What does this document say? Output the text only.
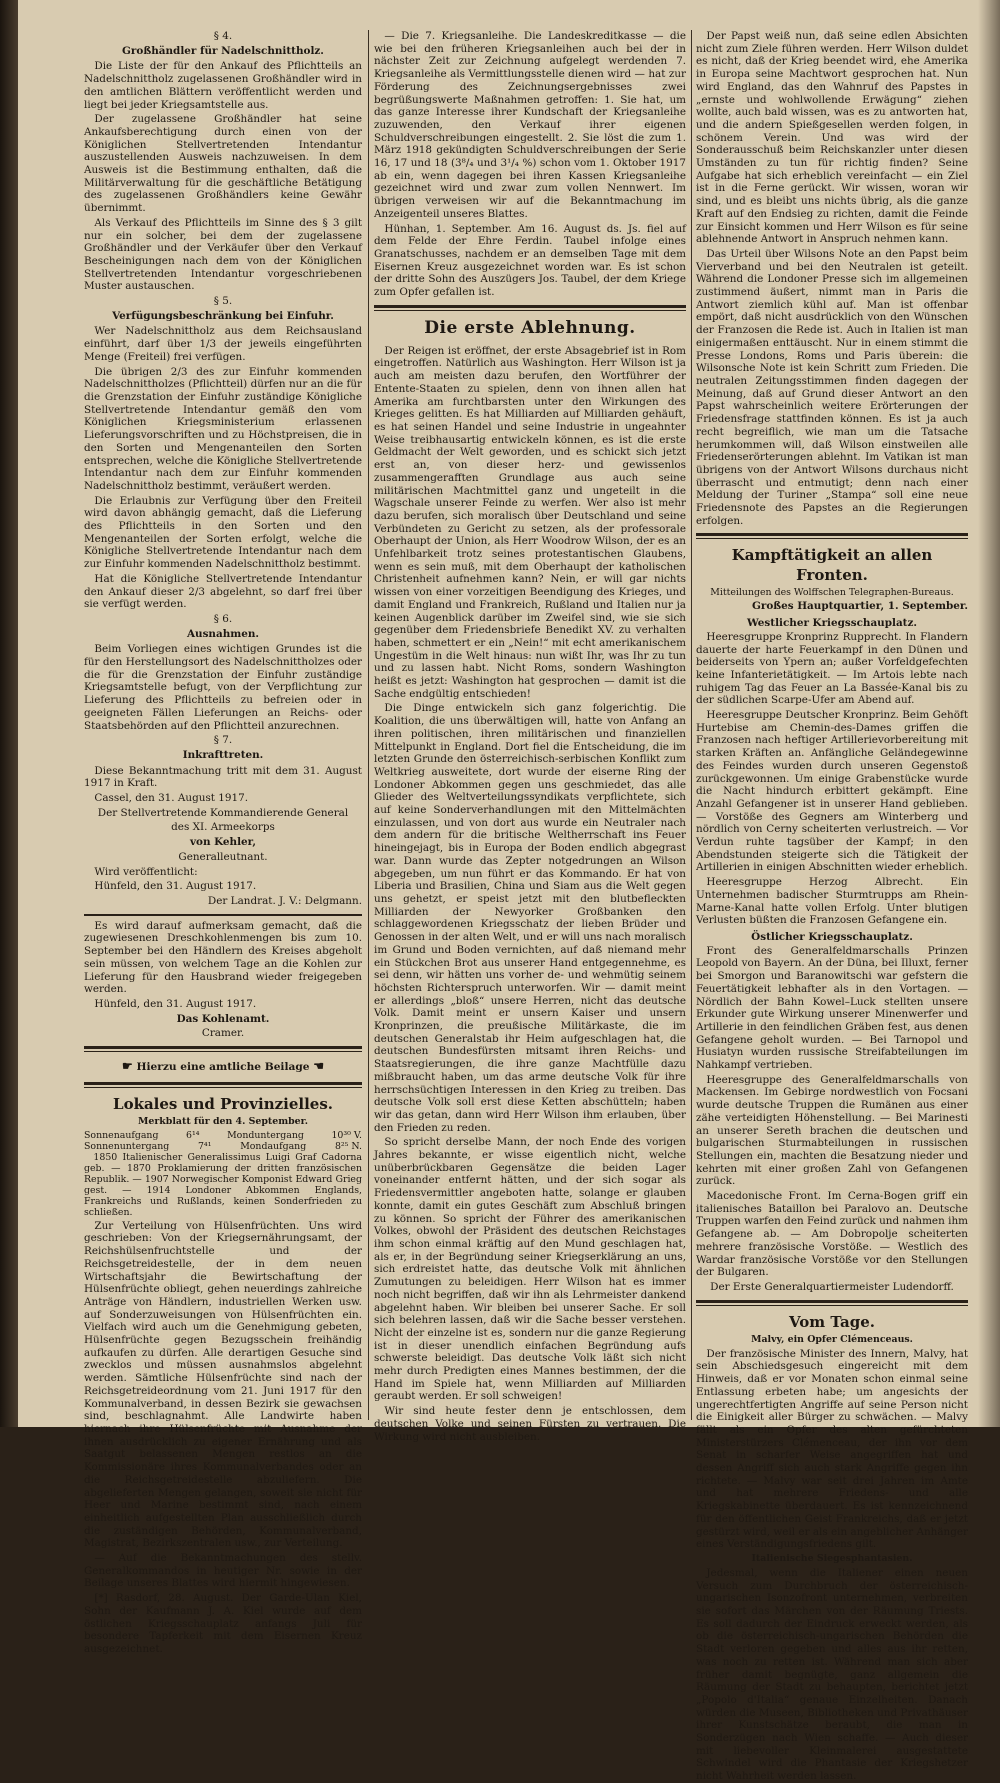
§ 4.

Großhändler für Nadelschnittholz.

Die Liste der für den Ankauf des Pflichtteils an Nadelschnittholz zugelassenen Großhändler wird in den amtlichen Blättern veröffentlicht werden und liegt bei jeder Kriegsamtstelle aus.

Der zugelassene Großhändler hat seine Ankaufsberechtigung durch einen von der Königlichen Stellvertretenden Intendantur auszustellenden Ausweis nachzuweisen. In dem Ausweis ist die Bestimmung enthalten, daß die Militärverwaltung für die geschäftliche Betätigung des zugelassenen Großhändlers keine Gewähr übernimmt.

Als Verkauf des Pflichtteils im Sinne des § 3 gilt nur ein solcher, bei dem der zugelassene Großhändler und der Verkäufer über den Verkauf Bescheinigungen nach dem von der Königlichen Stellvertretenden Intendantur vorgeschriebenen Muster austauschen.

§ 5.

Verfügungsbeschränkung bei Einfuhr.

Wer Nadelschnittholz aus dem Reichsausland einführt, darf über 1/3 der jeweils eingeführten Menge (Freiteil) frei verfügen.

Die übrigen 2/3 des zur Einfuhr kommenden Nadelschnittholzes (Pflichtteil) dürfen nur an die für die Grenzstation der Einfuhr zuständige Königliche Stellvertretende Intendantur gemäß den vom Königlichen Kriegsministerium erlassenen Lieferungsvorschriften und zu Höchstpreisen, die in den Sorten und Mengenanteilen den Sorten entsprechen, welche die Königliche Stellvertretende Intendantur nach dem zur Einfuhr kommenden Nadelschnittholz bestimmt, veräußert werden.

Die Erlaubnis zur Verfügung über den Freiteil wird davon abhängig gemacht, daß die Lieferung des Pflichtteils in den Sorten und den Mengenanteilen der Sorten erfolgt, welche die Königliche Stellvertretende Intendantur nach dem zur Einfuhr kommenden Nadelschnittholz bestimmt.

Hat die Königliche Stellvertretende Intendantur den Ankauf dieser 2/3 abgelehnt, so darf frei über sie verfügt werden.

§ 6.

Ausnahmen.

Beim Vorliegen eines wichtigen Grundes ist die für den Herstellungsort des Nadelschnittholzes oder die für die Grenzstation der Einfuhr zuständige Kriegsamtstelle befugt, von der Verpflichtung zur Lieferung des Pflichtteils zu befreien oder in geeigneten Fällen Lieferungen an Reichs- oder Staatsbehörden auf den Pflichtteil anzurechnen.

§ 7.

Inkrafttreten.

Diese Bekanntmachung tritt mit dem 31. August 1917 in Kraft.

Cassel, den 31. August 1917.

Der Stellvertretende Kommandierende General

des XI. Armeekorps

von Kehler,

Generalleutnant.

Wird veröffentlicht:

Hünfeld, den 31. August 1917.

Der Landrat. J. V.: Delgmann.

Es wird darauf aufmerksam gemacht, daß die zugewiesenen Dreschkohlenmengen bis zum 10. September bei den Händlern des Kreises abgeholt sein müssen, von welchem Tage an die Kohlen zur Lieferung für den Hausbrand wieder freigegeben werden.

Hünfeld, den 31. August 1917.

Das Kohlenamt.

Cramer.

☛ Hierzu eine amtliche Beilage ☚
Lokales und Provinzielles.

Merkblatt für den 4. September.

Sonnenaufgang	6¹⁴	Monduntergang	10³⁰ V.
Sonnenuntergang	7⁴¹	Mondaufgang	8²⁵ N.

1850 Italienischer Generalissimus Luigi Graf Cadorna geb. — 1870 Proklamierung der dritten französischen Republik. — 1907 Norwegischer Komponist Edward Grieg gest. — 1914 Londoner Abkommen Englands, Frankreichs und Rußlands, keinen Sonderfrieden zu schließen.

Zur Verteilung von Hülsenfrüchten. Uns wird geschrieben: Von der Kriegsernährungsamt, der Reichshülsenfruchtstelle und der Reichsgetreidestelle, der in dem neuen Wirtschaftsjahr die Bewirtschaftung der Hülsenfrüchte obliegt, gehen neuerdings zahlreiche Anträge von Händlern, industriellen Werken usw. auf Sonderzuweisungen von Hülsenfrüchten ein. Vielfach wird auch um die Genehmigung gebeten, Hülsenfrüchte gegen Bezugsschein freihändig aufkaufen zu dürfen. Alle derartigen Gesuche sind zwecklos und müssen ausnahmslos abgelehnt werden. Sämtliche Hülsenfrüchte sind nach der Reichsgetreideordnung vom 21. Juni 1917 für den Kommunalverband, in dessen Bezirk sie gewachsen sind, beschlagnahmt. Alle Landwirte haben hiernach ihre Hülsenfrüchte mit Ausnahme der ihnen ausdrücklich zu eigener Ernährung und als Saatgut belassenen Mengen restlos an die Kommissionäre ihres Kommunalverbandes oder an die Reichsgetreidestelle abzuliefern. Die abgelieferten Mengen gelangen, soweit sie nicht für Heer und Marine bestimmt sind, nach einem einheitlich aufgestellten Plan ausschließlich durch die zuständigen Behörden, Kommunalverband, Magistrat, Bezirkszentralen usw., zur Verteilung.

— Auf die Bekanntmachungen des stellv. Generalkommandos in heutiger Nr. sowie in der Beilage unseres Blattes wird hiermit hingewiesen.

[*] Rasdorf, 28. August. Der Garde-Ulan Kiel, Sohn der Kaufmann J. A. Kiel wurde auf dem östlichen Kriegsschauplatz anfangs Juli für besondere Tapferkeit mit dem Eisernen Kreuz ausgezeichnet.

— Die 7. Kriegsanleihe. Die Landeskreditkasse — die wie bei den früheren Kriegsanleihen auch bei der in nächster Zeit zur Zeichnung aufgelegt werdenden 7. Kriegsanleihe als Vermittlungsstelle dienen wird — hat zur Förderung des Zeichnungsergebnisses zwei begrüßungswerte Maßnahmen getroffen: 1. Sie hat, um das ganze Interesse ihrer Kundschaft der Kriegsanleihe zuzuwenden, den Verkauf ihrer eigenen Schuldverschreibungen eingestellt. 2. Sie löst die zum 1. März 1918 gekündigten Schuldverschreibungen der Serie 16, 17 und 18 (3⁸/₄ und 3¹/₄ %) schon vom 1. Oktober 1917 ab ein, wenn dagegen bei ihren Kassen Kriegsanleihe gezeichnet wird und zwar zum vollen Nennwert. Im übrigen verweisen wir auf die Bekanntmachung im Anzeigenteil unseres Blattes.

Hünhan, 1. September. Am 16. August ds. Js. fiel auf dem Felde der Ehre Ferdin. Taubel infolge eines Granatschusses, nachdem er an demselben Tage mit dem Eisernen Kreuz ausgezeichnet worden war. Es ist schon der dritte Sohn des Auszügers Jos. Taubel, der dem Kriege zum Opfer gefallen ist.

Die erste Ablehnung.

Der Reigen ist eröffnet, der erste Absagebrief ist in Rom eingetroffen. Natürlich aus Washington. Herr Wilson ist ja auch am meisten dazu berufen, den Wortführer der Entente-Staaten zu spielen, denn von ihnen allen hat Amerika am furchtbarsten unter den Wirkungen des Krieges gelitten. Es hat Milliarden auf Milliarden gehäuft, es hat seinen Handel und seine Industrie in ungeahnter Weise treibhausartig entwickeln können, es ist die erste Geldmacht der Welt geworden, und es schickt sich jetzt erst an, von dieser herz- und gewissenlos zusammengerafften Grundlage aus auch seine militärischen Machtmittel ganz und ungeteilt in die Wagschale unserer Feinde zu werfen. Wer also ist mehr dazu berufen, sich moralisch über Deutschland und seine Verbündeten zu Gericht zu setzen, als der professorale Oberhaupt der Union, als Herr Woodrow Wilson, der es an Unfehlbarkeit trotz seines protestantischen Glaubens, wenn es sein muß, mit dem Oberhaupt der katholischen Christenheit aufnehmen kann? Nein, er will gar nichts wissen von einer vorzeitigen Beendigung des Krieges, und damit England und Frankreich, Rußland und Italien nur ja keinen Augenblick darüber im Zweifel sind, wie sie sich gegenüber dem Friedensbriefe Benedikt XV. zu verhalten haben, schmettert er ein „Nein!“ mit echt amerikanischem Ungestüm in die Welt hinaus: nun wißt Ihr, was Ihr zu tun und zu lassen habt. Nicht Roms, sondern Washington heißt es jetzt: Washington hat gesprochen — damit ist die Sache endgültig entschieden!

Die Dinge entwickeln sich ganz folgerichtig. Die Koalition, die uns überwältigen will, hatte von Anfang an ihren politischen, ihren militärischen und finanziellen Mittelpunkt in England. Dort fiel die Entscheidung, die im letzten Grunde den österreichisch-serbischen Konflikt zum Weltkrieg ausweitete, dort wurde der eiserne Ring der Londoner Abkommen gegen uns geschmiedet, das alle Glieder des Weltverteilungssyndikats verpflichtete, sich auf keine Sonderverhandlungen mit den Mittelmächten einzulassen, und von dort aus wurde ein Neutraler nach dem andern für die britische Weltherrschaft ins Feuer hineingejagt, bis in Europa der Boden endlich abgegrast war. Dann wurde das Zepter notgedrungen an Wilson abgegeben, um nun führt er das Kommando. Er hat von Liberia und Brasilien, China und Siam aus die Welt gegen uns gehetzt, er speist jetzt mit den blutbefleckten Milliarden der Newyorker Großbanken den schlaggewordenen Kriegsschatz der lieben Brüder und Genossen in der alten Welt, und er will uns nach moralisch im Grund und Boden vernichten, auf daß niemand mehr ein Stückchen Brot aus unserer Hand entgegennehme, es sei denn, wir hätten uns vorher de- und wehmütig seinem höchsten Richterspruch unterworfen. Wir — damit meint er allerdings „bloß“ unsere Herren, nicht das deutsche Volk. Damit meint er unsern Kaiser und unsern Kronprinzen, die preußische Militärkaste, die im deutschen Generalstab ihr Heim aufgeschlagen hat, die deutschen Bundesfürsten mitsamt ihren Reichs- und Staatsregierungen, die ihre ganze Machtfülle dazu mißbraucht haben, um das arme deutsche Volk für ihre herrschsüchtigen Interessen in den Krieg zu treiben. Das deutsche Volk soll erst diese Ketten abschütteln; haben wir das getan, dann wird Herr Wilson ihm erlauben, über den Frieden zu reden.

So spricht derselbe Mann, der noch Ende des vorigen Jahres bekannte, er wisse eigentlich nicht, welche unüberbrückbaren Gegensätze die beiden Lager voneinander entfernt hätten, und der sich sogar als Friedensvermittler angeboten hatte, solange er glauben konnte, damit ein gutes Geschäft zum Abschluß bringen zu können. So spricht der Führer des amerikanischen Volkes, obwohl der Präsident des deutschen Reichstages ihm schon einmal kräftig auf den Mund geschlagen hat, als er, in der Begründung seiner Kriegserklärung an uns, sich erdreistet hatte, das deutsche Volk mit ähnlichen Zumutungen zu beleidigen. Herr Wilson hat es immer noch nicht begriffen, daß wir ihn als Lehrmeister dankend abgelehnt haben. Wir bleiben bei unserer Sache. Er soll sich belehren lassen, daß wir die Sache besser verstehen. Nicht der einzelne ist es, sondern nur die ganze Regierung ist in dieser unendlich einfachen Begründung aufs schwerste beleidigt. Das deutsche Volk läßt sich nicht mehr durch Predigten eines Mannes bestimmen, der die Hand im Spiele hat, wenn Milliarden auf Milliarden geraubt werden. Er soll schweigen!

Wir sind heute fester denn je entschlossen, dem deutschen Volke und seinen Fürsten zu vertrauen. Die Wirkung wird nicht ausbleiben.

Der Papst weiß nun, daß seine edlen Absichten nicht zum Ziele führen werden. Herr Wilson duldet es nicht, daß der Krieg beendet wird, ehe Amerika in Europa seine Machtwort gesprochen hat. Nun wird England, das den Wahnruf des Papstes in „ernste und wohlwollende Erwägung“ ziehen wollte, auch bald wissen, was es zu antworten hat, und die andern Spießgesellen werden folgen, in schönem Verein. Und was wird der Sonderausschuß beim Reichskanzler unter diesen Umständen zu tun für richtig finden? Seine Aufgabe hat sich erheblich vereinfacht — ein Ziel ist in die Ferne gerückt. Wir wissen, woran wir sind, und es bleibt uns nichts übrig, als die ganze Kraft auf den Endsieg zu richten, damit die Feinde zur Einsicht kommen und Herr Wilson es für seine ablehnende Antwort in Anspruch nehmen kann.

Das Urteil über Wilsons Note an den Papst beim Vierverband und bei den Neutralen ist geteilt. Während die Londoner Presse sich im allgemeinen zustimmend äußert, nimmt man in Paris die Antwort ziemlich kühl auf. Man ist offenbar empört, daß nicht ausdrücklich von den Wünschen der Franzosen die Rede ist. Auch in Italien ist man einigermaßen enttäuscht. Nur in einem stimmt die Presse Londons, Roms und Paris überein: die Wilsonsche Note ist kein Schritt zum Frieden. Die neutralen Zeitungsstimmen finden dagegen der Meinung, daß auf Grund dieser Antwort an den Papst wahrscheinlich weitere Erörterungen der Friedensfrage stattfinden können. Es ist ja auch recht begreiflich, wie man um die Tatsache herumkommen will, daß Wilson einstweilen alle Friedenserörterungen ablehnt. Im Vatikan ist man übrigens von der Antwort Wilsons durchaus nicht überrascht und entmutigt; denn nach einer Meldung der Turiner „Stampa“ soll eine neue Friedensnote des Papstes an die Regierungen erfolgen.

Kampftätigkeit an allen Fronten.

Mitteilungen des Wolffschen Telegraphen-Bureaus.

Großes Hauptquartier, 1. September.

Westlicher Kriegsschauplatz.

Heeresgruppe Kronprinz Rupprecht. In Flandern dauerte der harte Feuerkampf in den Dünen und beiderseits von Ypern an; außer Vorfeldgefechten keine Infanterietätigkeit. — Im Artois lebte nach ruhigem Tag das Feuer an La Bassée-Kanal bis zu der südlichen Scarpe-Ufer am Abend auf.

Heeresgruppe Deutscher Kronprinz. Beim Gehöft Hurtebise am Chemin-des-Dames griffen die Franzosen nach heftiger Artillerievorbereitung mit starken Kräften an. Anfängliche Geländegewinne des Feindes wurden durch unseren Gegenstoß zurückgewonnen. Um einige Grabenstücke wurde die Nacht hindurch erbittert gekämpft. Eine Anzahl Gefangener ist in unserer Hand geblieben. — Vorstöße des Gegners am Winterberg und nördlich von Cerny scheiterten verlustreich. — Vor Verdun ruhte tagsüber der Kampf; in den Abendstunden steigerte sich die Tätigkeit der Artillerien in einigen Abschnitten wieder erheblich.

Heeresgruppe Herzog Albrecht. Ein Unternehmen badischer Sturmtrupps am Rhein-Marne-Kanal hatte vollen Erfolg. Unter blutigen Verlusten büßten die Franzosen Gefangene ein.

Östlicher Kriegsschauplatz.

Front des Generalfeldmarschalls Prinzen Leopold von Bayern. An der Düna, bei Illuxt, ferner bei Smorgon und Baranowitschi war gefstern die Feuertätigkeit lebhafter als in den Vortagen. — Nördlich der Bahn Kowel–Luck stellten unsere Erkunder gute Wirkung unserer Minenwerfer und Artillerie in den feindlichen Gräben fest, aus denen Gefangene geholt wurden. — Bei Tarnopol und Husiatyn wurden russische Streifabteilungen im Nahkampf vertrieben.

Heeresgruppe des Generalfeldmarschalls von Mackensen. Im Gebirge nordwestlich von Focsani wurde deutsche Truppen die Rumänen aus einer zähe verteidigten Höhenstellung. — Bei Marinesti an unserer Sereth brachen die deutschen und bulgarischen Sturmabteilungen in russischen Stellungen ein, machten die Besatzung nieder und kehrten mit einer großen Zahl von Gefangenen zurück.

Macedonische Front. Im Cerna-Bogen griff ein italienisches Bataillon bei Paralovo an. Deutsche Truppen warfen den Feind zurück und nahmen ihm Gefangene ab. — Am Dobropolje scheiterten mehrere französische Vorstöße. — Westlich des Wardar französische Vorstöße vor den Stellungen der Bulgaren.

Der Erste Generalquartiermeister Ludendorff.

Vom Tage.

Malvy, ein Opfer Clémenceaus.

Der französische Minister des Innern, Malvy, hat sein Abschiedsgesuch eingereicht mit dem Hinweis, daß er vor Monaten schon einmal seine Entlassung erbeten habe; um angesichts der ungerechtfertigten Angriffe auf seine Person nicht die Einigkeit aller Bürger zu schwächen. — Malvy fällt als ein Opfer des alten gefürchteten Ministerstürzers Clémenceau, der ihn vor dem Senat in scharfer Weise angegriffen hat und dessen Angriff sich auch stark Angriffe gegen ihn richtete. — Malvy war seit drei Jahren im Amte und hat mehrere Friedens- und alle Kriegskabinette überdauert. Es ist kennzeichnend für den öffentlichen Geist Frankreichs, daß er jetzt gestürzt wird, weil er als ein angeblicher Anhänger eines Verständigungsfriedens gilt.

Italienische Siegesphantasien.

Jedesmal, wenn die Italiener einen neuen Versuch zum Durchbruch der österreichisch-ungarischen Isonzofront unternehmen, verbreiten sie sofort das Märchen von der Räumung Triests. Es soll dadurch der Eindruck erweckt werden, als ob die österreichisch-ungarischen Behörden die Stadt verloren gegeben und alles aus ihr retten, was noch zu retten ist. Während man sich aber früher damit begnügte, ganz allgemein die Räumung der Stadt zu behaupten, berichtet jetzt „Popolo d'Italia“ genaue Einzelheiten. Danach würden die Museen, Bibliotheken und Privathäuser ihrer Kunstschätze beraubt, die man in Sonderzügen nach Wien schaffe. — Auch dieser mit liebevoller Kleinmalerei ausgestattete Schwindel wird die Phantasie der Kriegshetzer nicht Wahrheit werden lassen.
